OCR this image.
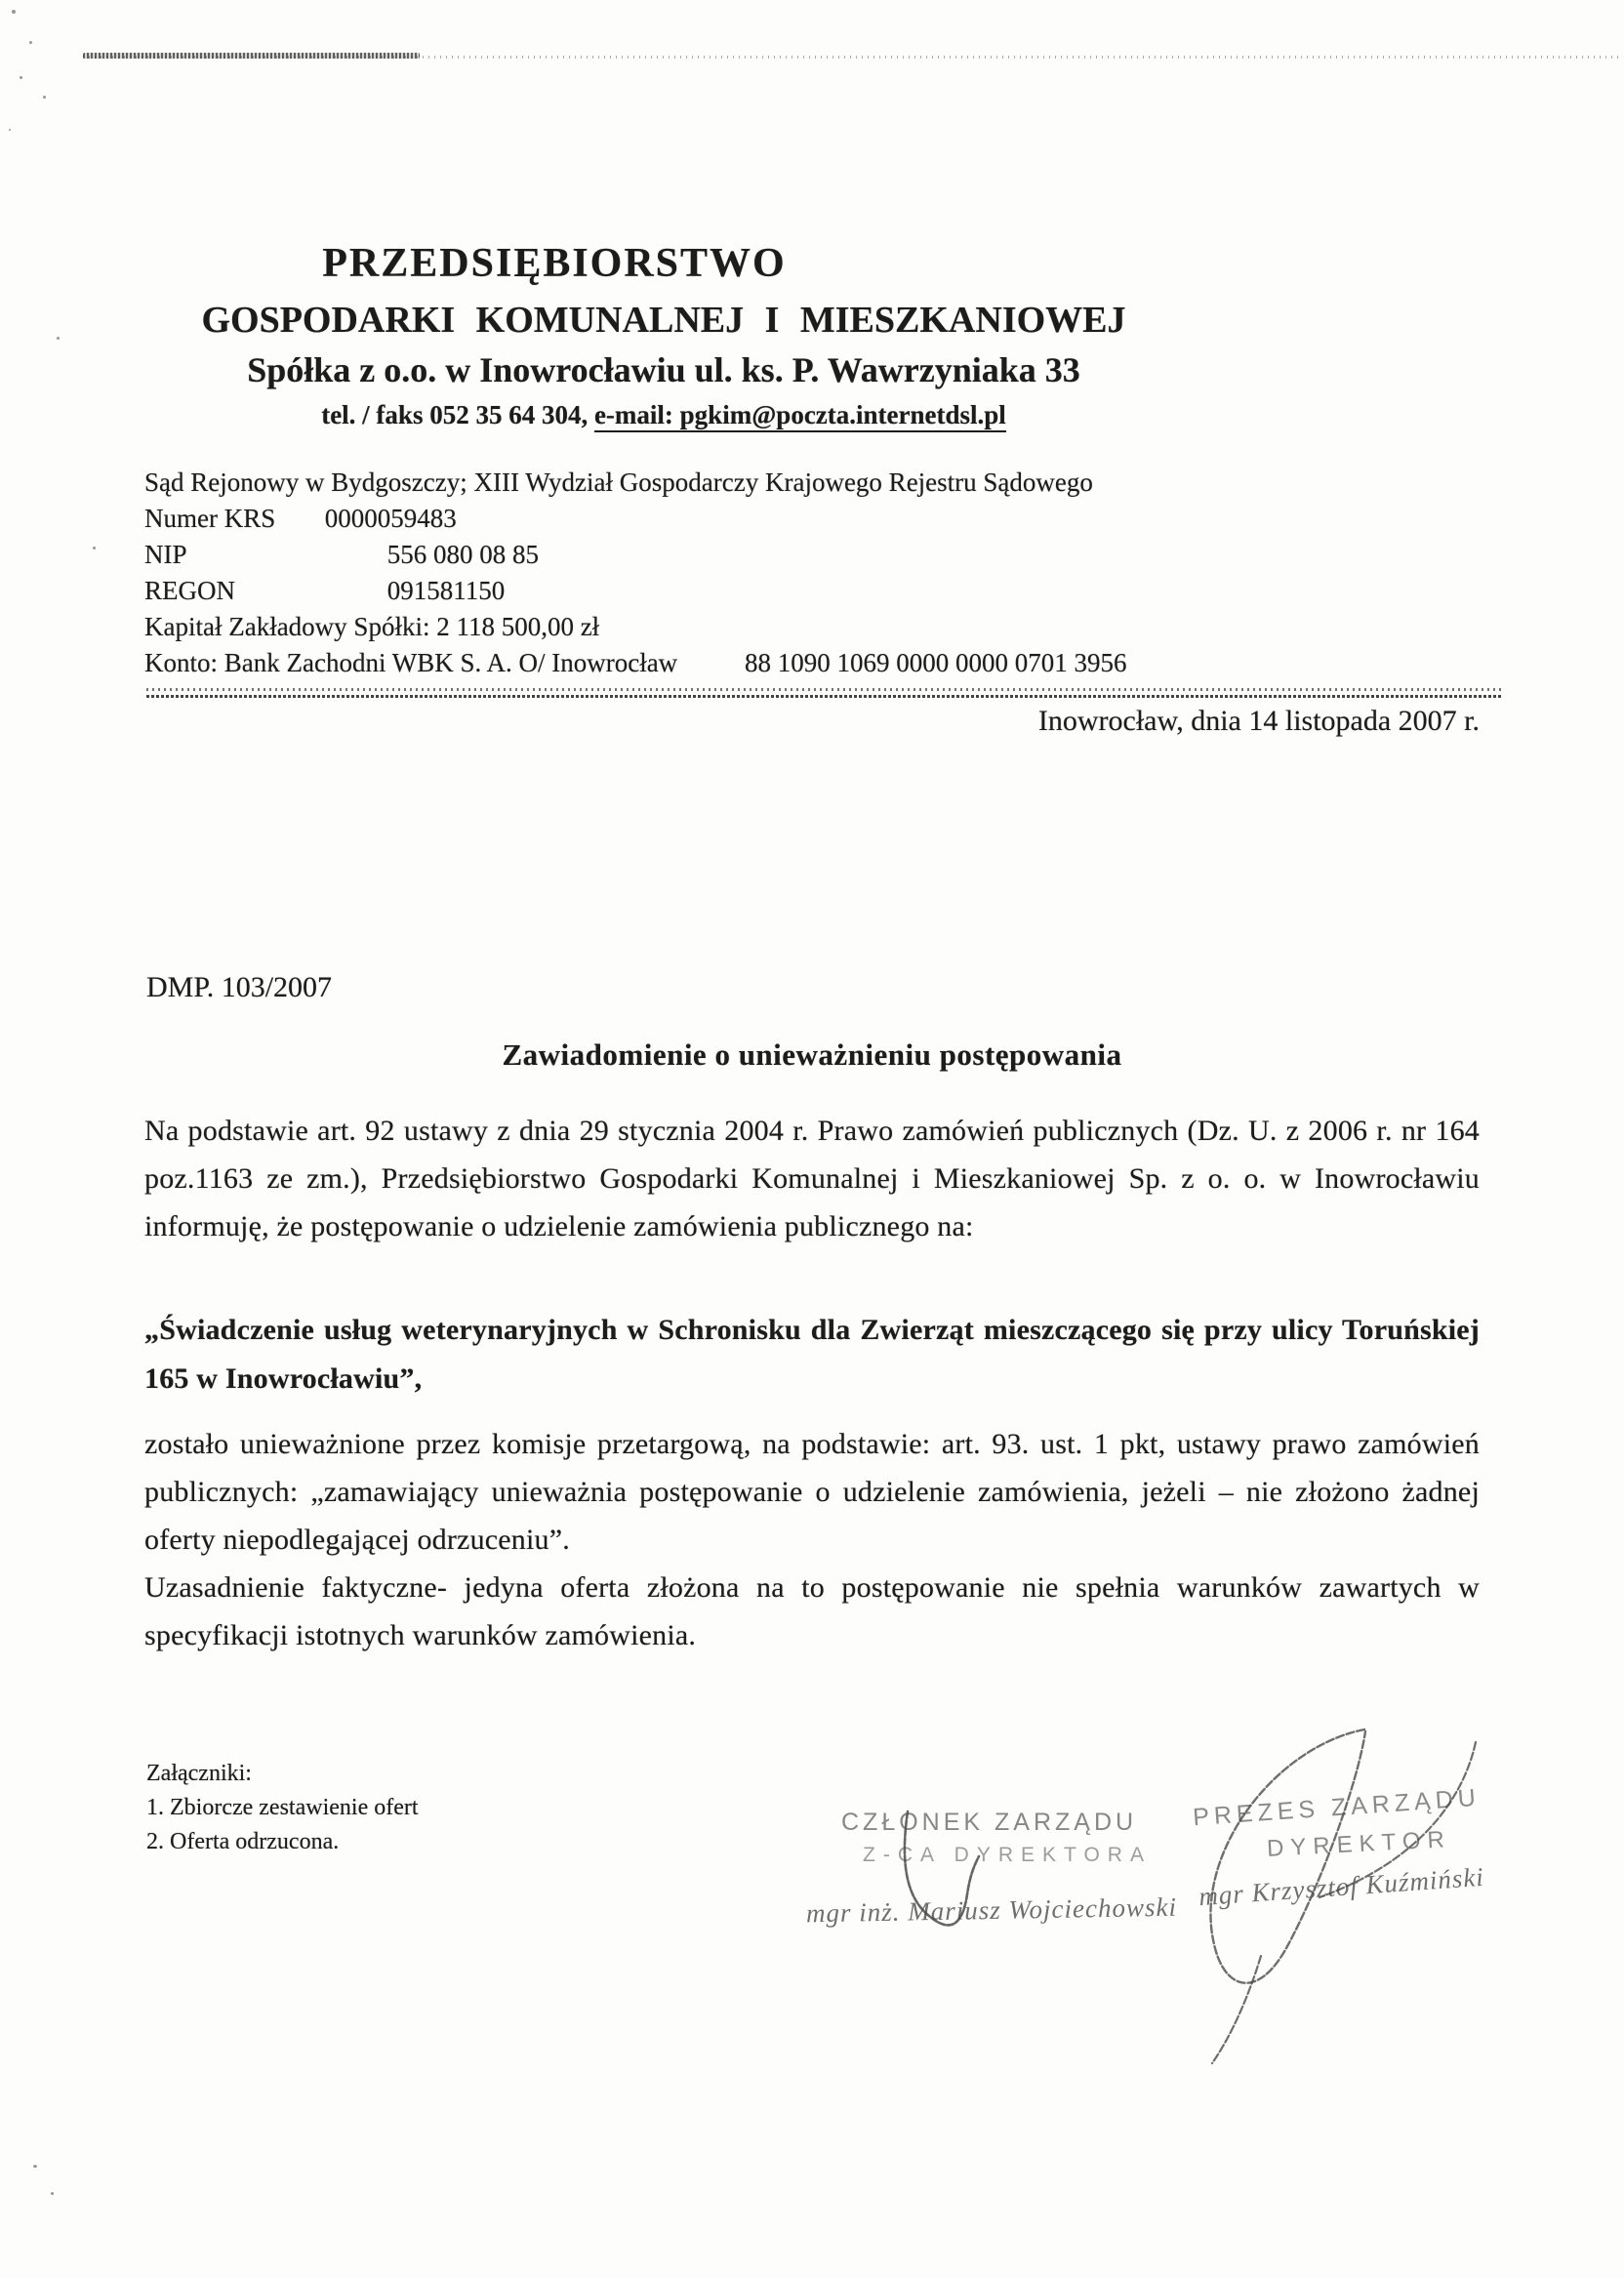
PRZEDSIĘBIORSTWO
GOSPODARKI KOMUNALNEJ I MIESZKANIOWEJ
Spółka z o.o. w Inowrocławiu ul. ks. P. Wawrzyniaka 33
tel. / faks 052 35 64 304, e-mail: pgkim@poczta.internetdsl.pl
Sąd Rejonowy w Bydgoszczy; XIII Wydział Gospodarczy Krajowego Rejestru Sądowego
Numer KRS 0000059483
NIP	556 080 08 85
REGON	091581150
Kapitał Zakładowy Spółki: 2 118 500,00 zł
Konto: Bank Zachodni WBK S. A. O/ Inowrocław	88 1090 1069 0000 0000 0701 3956
Inowrocław, dnia 14 listopada 2007 r.
DMP. 103/2007
Zawiadomienie o unieważnieniu postępowania
Na podstawie art. 92 ustawy z dnia 29 stycznia 2004 r. Prawo zamówień publicznych (Dz. U. z 2006 r. nr 164 poz.1163 ze zm.), Przedsiębiorstwo Gospodarki Komunalnej i Mieszkaniowej Sp. z o. o. w Inowrocławiu informuję, że postępowanie o udzielenie zamówienia publicznego na:
„Świadczenie usług weterynaryjnych w Schronisku dla Zwierząt mieszczącego się przy ulicy Toruńskiej 165 w Inowrocławiu”,
zostało unieważnione przez komisje przetargową, na podstawie: art. 93. ust. 1 pkt, ustawy prawo zamówień publicznych: „zamawiający unieważnia postępowanie o udzielenie zamówienia, jeżeli – nie złożono żadnej oferty niepodlegającej odrzuceniu”.
Uzasadnienie faktyczne- jedyna oferta złożona na to postępowanie nie spełnia warunków zawartych w specyfikacji istotnych warunków zamówienia.
Załączniki:
1. Zbiorcze zestawienie ofert
2. Oferta odrzucona.
CZŁONEK ZARZĄDU
Z-CA DYREKTORA
mgr inż. Mariusz Wojciechowski
PREZES ZARZĄDU
DYREKTOR
mgr Krzysztof Kuźmiński
